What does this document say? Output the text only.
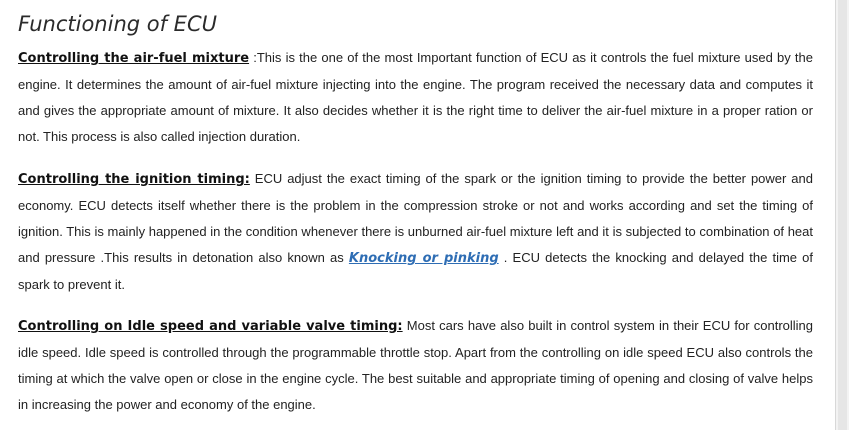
Functioning of ECU

Controlling the air-fuel mixture :This is the one of the most Important function of ECU as it controls the fuel mixture used by the engine. It determines the amount of air-fuel mixture injecting into the engine. The program received the necessary data and computes it and gives the appropriate amount of mixture. It also decides whether it is the right time to deliver the air-fuel mixture in a proper ration or not. This process is also called injection duration.

Controlling the ignition timing: ECU adjust the exact timing of the spark or the ignition timing to provide the better power and economy. ECU detects itself whether there is the problem in the compression stroke or not and works according and set the timing of ignition. This is mainly happened in the condition whenever there is unburned air-fuel mixture left and it is subjected to combination of heat and pressure .This results in detonation also known as Knocking or pinking . ECU detects the knocking and delayed the time of spark to prevent it.

Controlling on Idle speed and variable valve timing: Most cars have also built in control system in their ECU for controlling idle speed. Idle speed is controlled through the programmable throttle stop. Apart from the controlling on idle speed ECU also controls the timing at which the valve open or close in the engine cycle. The best suitable and appropriate timing of opening and closing of valve helps in increasing the power and economy of the engine.
